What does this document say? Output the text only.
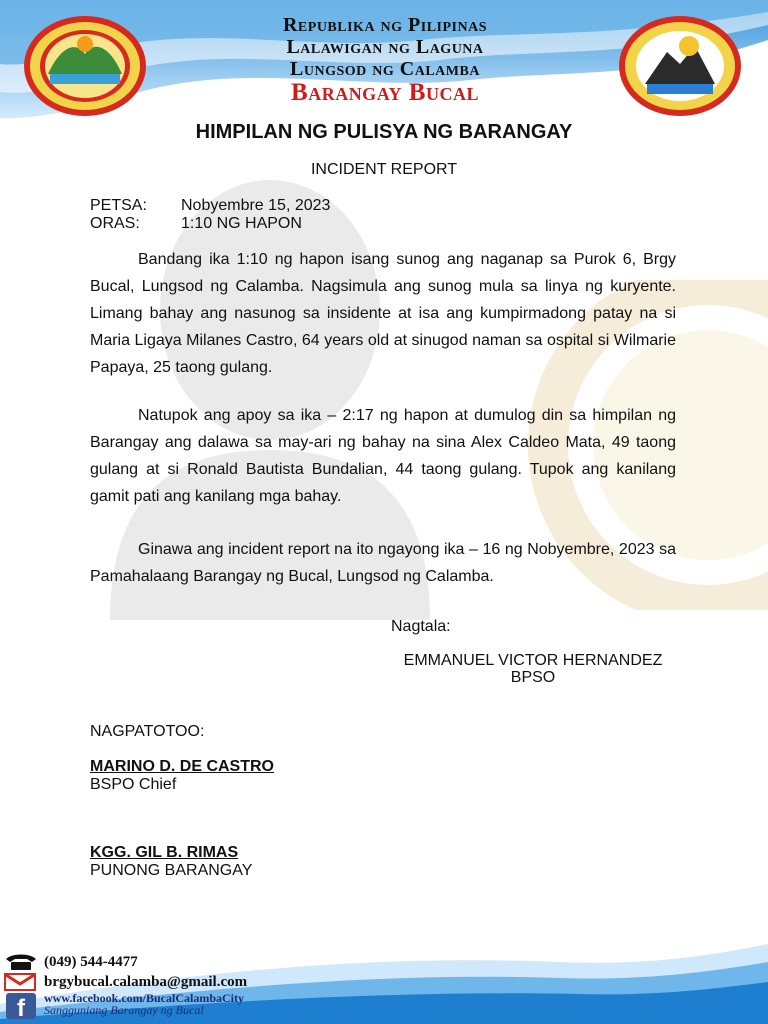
Republika ng Pilipinas
Lalawigan ng Laguna
Lungsod ng Calamba
Barangay Bucal
HIMPILAN NG PULISYA NG BARANGAY
INCIDENT REPORT
PETSA:	Nobyembre 15, 2023
ORAS:	1:10 NG HAPON

Bandang ika 1:10 ng hapon isang sunog ang naganap sa Purok 6, Brgy Bucal, Lungsod ng Calamba. Nagsimula ang sunog mula sa linya ng kuryente. Limang bahay ang nasunog sa insidente at isa ang kumpirmadong patay na si Maria Ligaya Milanes Castro, 64 years old at sinugod naman sa ospital si Wilmarie Papaya, 25 taong gulang.

Natupok ang apoy sa ika – 2:17 ng hapon at dumulog din sa himpilan ng Barangay ang dalawa sa may-ari ng bahay na sina Alex Caldeo Mata, 49 taong gulang at si Ronald Bautista Bundalian, 44 taong gulang. Tupok ang kanilang gamit pati ang kanilang mga bahay.

Ginawa ang incident report na ito ngayong ika – 16 ng Nobyembre, 2023 sa Pamahalaang Barangay ng Bucal, Lungsod ng Calamba.

Nagtala:
EMMANUEL VICTOR HERNANDEZ
BPSO
NAGPATOTOO:
MARINO D. DE CASTRO
BSPO Chief
KGG. GIL B. RIMAS
PUNONG BARANGAY
(049) 544-4477
brgybucal.calamba@gmail.com
f www.facebook.com/BucalCalambaCity
Sangguniang Barangay ng Bucal
